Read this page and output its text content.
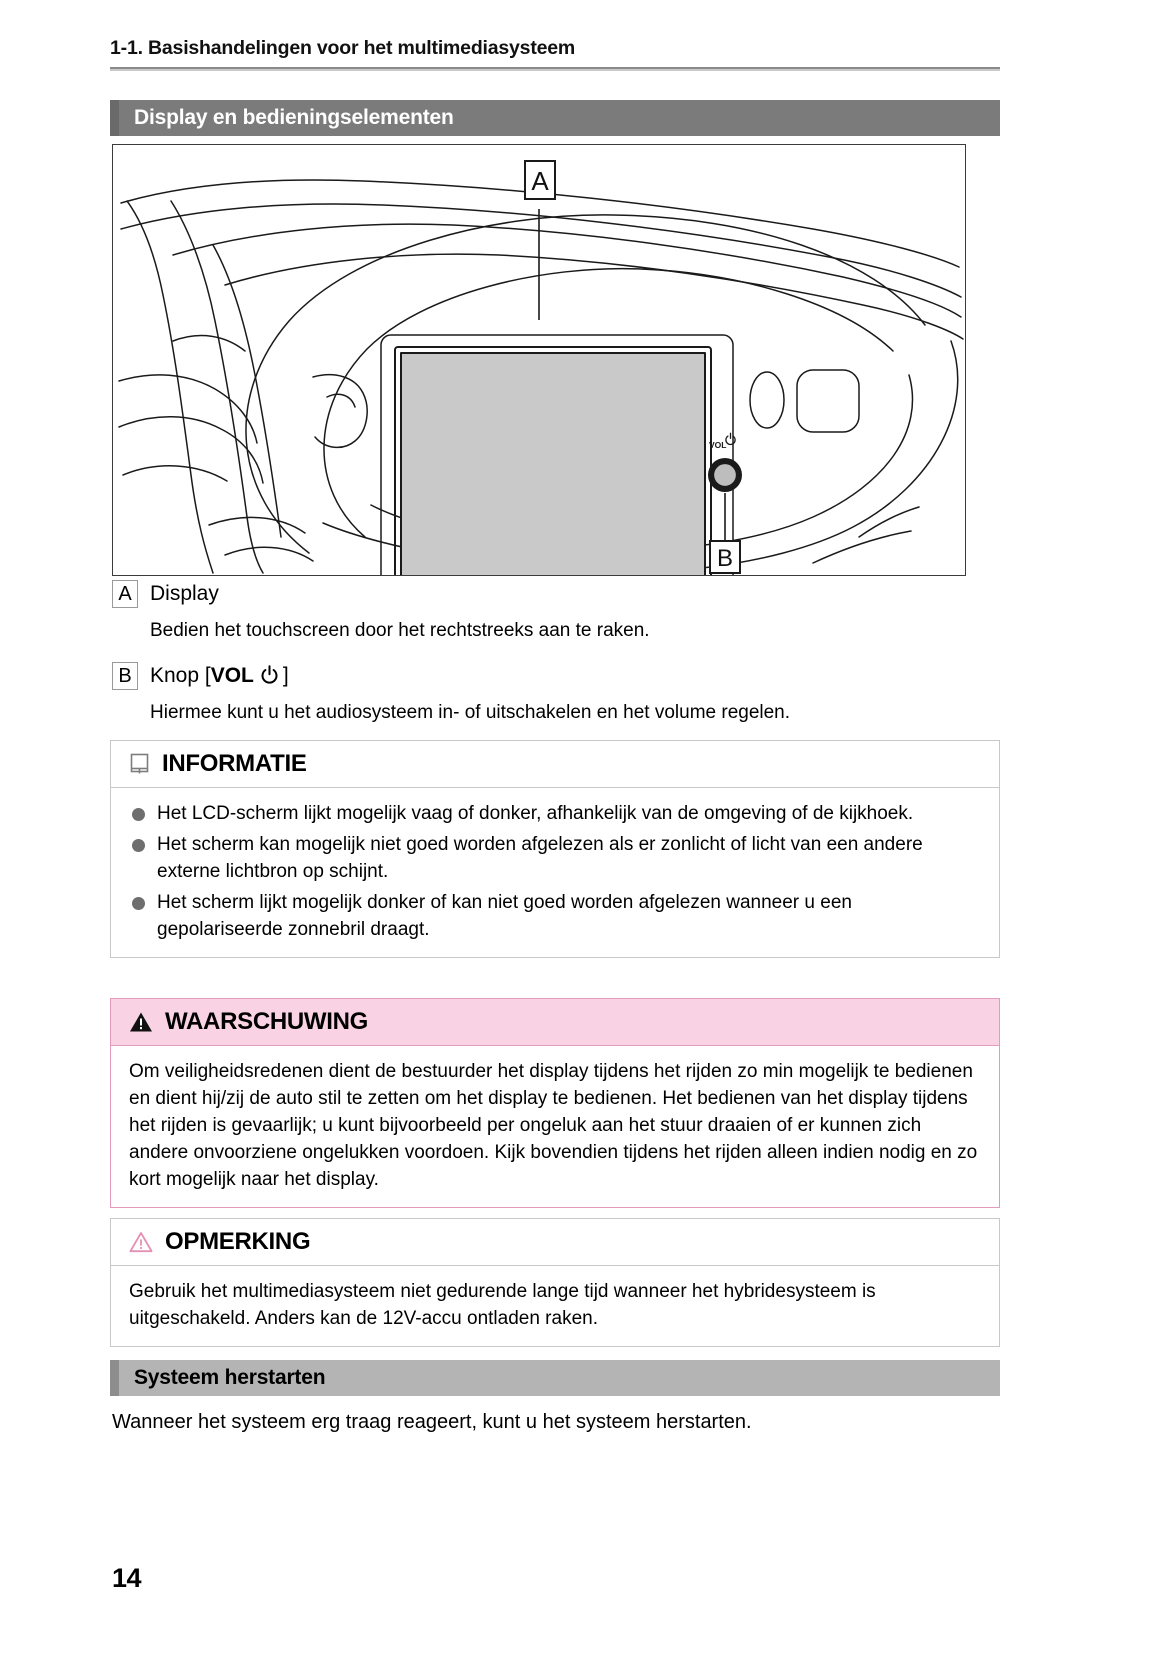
1-1. Basishandelingen voor het multimediasysteem
Display en bedieningselementen
VOL
A
B
A Display
Bedien het touchscreen door het rechtstreeks aan te raken.
B Knop [VOL ]
Hiermee kunt u het audiosysteem in- of uitschakelen en het volume regelen.
INFORMATIE
Het LCD-scherm lijkt mogelijk vaag of donker, afhankelijk van de omgeving of de kijkhoek.
Het scherm kan mogelijk niet goed worden afgelezen als er zonlicht of licht van een andere externe lichtbron op schijnt.
Het scherm lijkt mogelijk donker of kan niet goed worden afgelezen wanneer u een gepolariseerde zonnebril draagt.
WAARSCHUWING

Om veiligheidsredenen dient de bestuurder het display tijdens het rijden zo min mogelijk te bedienen en dient hij/zij de auto stil te zetten om het display te bedienen. Het bedienen van het display tijdens het rijden is gevaarlijk; u kunt bijvoorbeeld per ongeluk aan het stuur draaien of er kunnen zich andere onvoorziene ongelukken voordoen. Kijk bovendien tijdens het rijden alleen indien nodig en zo kort mogelijk naar het display.

OPMERKING

Gebruik het multimediasysteem niet gedurende lange tijd wanneer het hybridesysteem is uitgeschakeld. Anders kan de 12V-accu ontladen raken.

Systeem herstarten
Wanneer het systeem erg traag reageert, kunt u het systeem herstarten.
14
